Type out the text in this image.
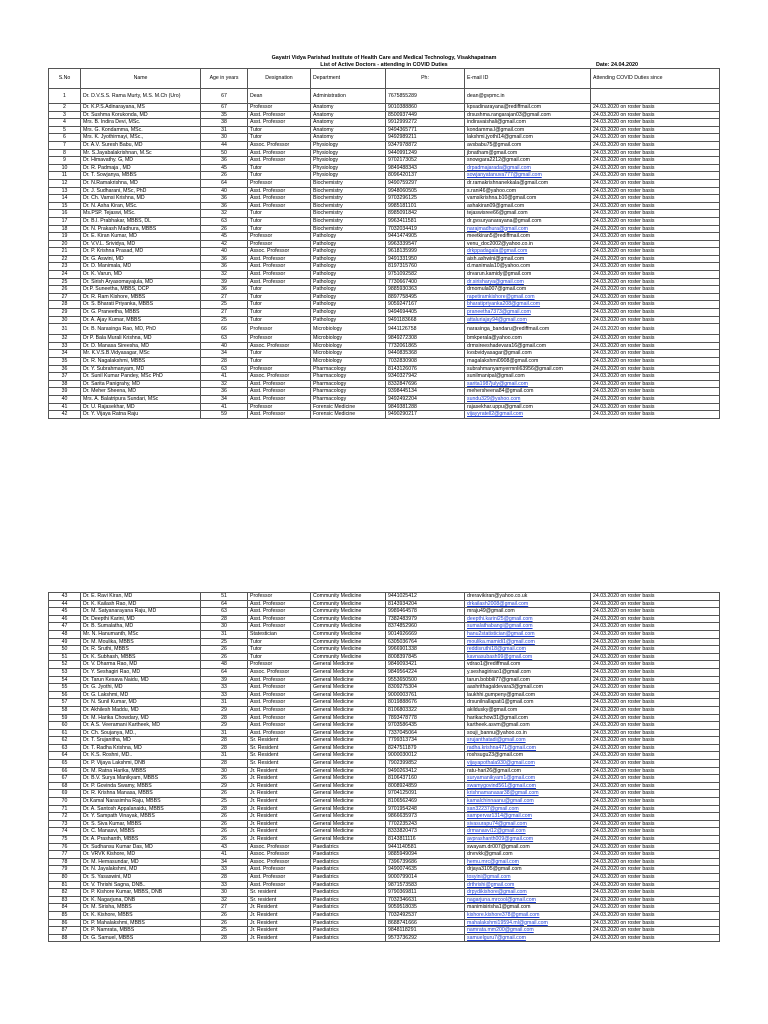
Gayatri Vidya Parishad Institute of Health Care and Medical Technology, Visakhapatnam
List of Active Doctors - attending in COVID Duties	Date: 24.04.2020
S.No	Name	Age in years	Designation	Department	Ph:	E-mail ID	Attending COVID Duties since
1	Dr. D.V.S.S. Rama Murty, M.S. M.Ch (Uro)	67	Dean	Administration	7675855289	dean@gvpmc.in	
2	Dr. K.P.S.Adinarayana, MS	67	Professor	Anatomy	9010388860	kpsadinarayana@rediffmail.com	24.03.2020 on roster basis
3	Dr. Sushma Korukonda, MD	35	Asst. Professor	Anatomy	8500937449	drsushma.rangarajan03@gmail.com	24.03.2020 on roster basis
4	Mrs. B. Indira Devi, MSc.	38	Asst. Professor	Anatomy	9912999272	indiravaishali@gmail.com	24.03.2020 on roster basis
5	Mrs. G. Kondamma, MSc.	31	Tutor	Anatomy	9494365771	kondamma.l@gmail.com	24.03.2020 on roster basis
6	Mrs. K. Jyothirmayi, MSc.,	30	Tutor	Anatomy	9492989211	lakshmi.jyothi14@gmail.com	24.03.2020 on roster basis
7	Dr. A.V. Suresh Babu, MD	44	Assoc. Professor	Physiology	9347978872	avsbabu75@gmail.com	24.03.2020 on roster basis
8	Mr. S.Jayabalakrishnan, M.Sc	50	Asst. Professor	Physiology	9440991249	jbnatham@gmail.com	24.03.2020 on roster basis
9	Dr. Himavathy. G, MD	36	Asst. Professor	Physiology	9702173052	snowgara2212@gmail.com	24.03.2020 on roster basis
10	Dr. R. Padmaja , MD	45	Tutor	Physiology	9849488343	drpadmajarada@gmail.com	24.03.2020 on roster basis
11	Dr. T. Sowjanya, MBBS	26	Tutor	Physiology	8096420137	sowjanyatanuva777@gmail.com	24.03.2020 on roster basis
12	Dr. N.Ramakrishna, MD	64	Professor	Biochemistry	9490759297	dr.ramakrishnanekkala@gmail.com	24.03.2020 on roster basis
13	Dr. J. Sudharani, MSc, PhD	40	Asst. Professor	Biochemistry	9948060505	s.rani46@yahoo.com	24.03.2020 on roster basis
14	Dr. Ch. Vamsi Krishna, MD	36	Asst. Professor	Biochemistry	9703296125	vamsikrishna.b10@gmail.com	24.03.2020 on roster basis
15	Dr. N. Asha Kiran, MSc.	36	Asst. Professor	Biochemistry	9985181101	ashakiran09@gmail.com	24.03.2020 on roster basis
16	Ms.PSP. Tejaswi, MSc.	32	Tutor	Biochemistry	8985091842	tejaswisree66@gmail.com	24.03.2020 on roster basis
17	Dr. B.I. Prabhakar, MBBS, DL	63	Tutor	Biochemistry	9963411581	dr.gvsuryanarayana@gmail.com	24.03.2020 on roster basis
18	Dr. N. Prakash Madhura, MBBS	26	Tutor	Biochemistry	7032034419	narajmadhura@gmail.com	24.03.2020 on roster basis
19	Dr. E. Kiran Kumar, MD	45	Professor	Pathology	9441474905	meetkiran5@rediffmail.com	24.03.2020 on roster basis
20	Dr. V.V.L. Srividya, MD	42	Professor	Pathology	9963339547	venu_doc2002@yahoo.co.in	24.03.2020 on roster basis
21	Dr. P. Krishna Prasad, MD	40	Assoc. Professor	Pathology	9618135999	drkppadagala@gmail.com	24.03.2020 on roster basis
22	Dr. G. Aswini, MD	36	Asst. Professor	Pathology	9491331950	aish.ashwini@gmail.com	24.03.2020 on roster basis
23	Dr. D. Manimala, MD	36	Asst. Professor	Pathology	8197315760	d.manimala10@yahoo.com	24.03.2020 on roster basis
24	Dr. K. Varun, MD	32	Asst. Professor	Pathology	9751092582	drvarun.kamidy@gmail.com	24.03.2020 on roster basis
25	Dr. Sirish Aryasomayajula, MD	39	Asst. Professor	Pathology	7730667400	dr.sirisharya@gmail.com	24.03.2020 on roster basis
26	Dr.P. Suneetha, MBBS, DCP	36	Tutor	Pathology	9885930363	drnomula007@gmail.com	24.03.2020 on roster basis
27	Dr. R. Ram Kishore, MBBS	27	Tutor	Pathology	8897758495	rapetiramkishore@gmail.com	24.03.2020 on roster basis
28	Dr. S. Bharati Priyanka, MBBS	25	Tutor	Pathology	9059247167	bharatipriyanka208@gmail.com	24.03.2020 on roster basis
29	Dr. G. Praneetha, MBBS	27	Tutor	Pathology	9494694405	praneetha7373@gmail.com	24.03.2020 on roster basis
30	Dr. A. Ajay Kumar, MBBS	25	Tutor	Pathology	9491183668	attaluriajay94@gmail.com	24.03.2020 on roster basis
31	Dr. B. Narasinga Rao, MD, PhD	66	Professor	Microbiology	9441126758	narasinga_bandaru@rediffmail.com	24.03.2020 on roster basis
32	Dr P. Bala Murali Krishna, MD	63	Professor	Microbiology	9849272308	bmkperala@yahoo.com	24.03.2020 on roster basis
33	Dr. D. Manasa Sireesha, MD	40	Assoc. Professor	Microbiology	7732061865	drmsireeshadevara16@gmail.com	24.03.2020 on roster basis
34	Mr. K.V.S.B.Vidyasagar, MSc	34	Tutor	Microbiology	9440835368	kvsbvidyasagar@gmail.com	24.03.2020 on roster basis
35	Dr. R. Nagalakshmi, MBBS	28	Tutor	Microbiology	7032830908	rnagalakshmi0908@gmail.com	24.03.2020 on roster basis
36	Dr. Y. Subrahmanyam, MD	63	Professor	Pharmacology	8143126076	subrahmanyamyermnli63956@gmail.com	24.03.2020 on roster basis
37	Dr. Sunil Kumar Pandey, MSc PhD	41	Assoc. Professor	Pharmacology	9340327942	sunilmanipal@gmail.com	24.03.2020 on roster basis
38	Dr. Sarita Panigrahy, MD	32	Asst. Professor	Pharmacology	8332847696	sarita1987july@gmail.com	24.03.2020 on roster basis
39	Dr. Meher Sheena, MD	36	Asst. Professor	Pharmacology	9398445134	mehersheena84@gmail.com	24.03.2020 on roster basis
40	Mrs. A. Balatripura Sundari, MSc	34	Asst. Professor	Pharmacology	9492492204	sundu329@yahoo.com	24.03.2020 on roster basis
41	Dr. U. Rajasekhar, MD	41	Professor	Forensic Medicine	9849381288	rajasekhar.uppu@gmail.com	24.03.2020 on roster basis
42	Dr. Y. Vijaya Ratna Raju	59	Asst. Professor	Forensic Medicine	9490290217	vijayyratell2@gmail.com	24.03.2020 on roster basis
43	Dr. E. Ravi Kiran, MD	51	Professor	Community Medicine	9441025412	dreravikiran@yahoo.co.uk	24.03.2020 on roster basis
44	Dr. K. Kailash Rao, MD	64	Asst. Professor	Community Medicine	8143934204	drkailash2008@gmail.com	24.03.2020 on roster basis
45	Dr. M. Satyanarayana Raju, MD	63	Asst. Professor	Community Medicine	9989464578	mraju49@gmail.com	24.03.2020 on roster basis
46	Dr. Deepthi Karini, MD	28	Asst. Professor	Community Medicine	7382483979	deepthi.karini25@gmail.com	24.03.2020 on roster basis
47	Dr. B. Sumalatha, MD	30	Asst. Professor	Community Medicine	8374852960	sumalathabangi@gmail.com	24.03.2020 on roster basis
48	Mr. N. Hanumanth, MSc	31	Statestician	Community Medicine	9014926669	hanu2statistician@gmail.com	24.03.2020 on roster basis
49	Dr. M. Moulika, MBBS	25	Tutor	Community Medicine	6305036764	moulika.mamidi1@gmail.com	24.03.2020 on roster basis
50	Dr. R. Sruthi, MBBS	26	Tutor	Community Medicine	9966901338	reddisruthi18@gmail.com	24.03.2020 on roster basis
51	Dr. K. Subhash, MBBS	26	Tutor	Community Medicine	8008397845	kavnasubash99@gmail.com	24.03.2020 on roster basis
52	Dr. V. Dharma Rao, MD	48	Professor	General Medicine	9849093421	vdrao1@rediffmail.com	24.03.2020 on roster basis
53	Dr. Y. Seshagiri Rao, MD	64	Assoc. Professor	General Medicine	9849564224	y.seshagirirao1@gmail.com	24.03.2020 on roster basis
54	Dr. Tarun Kesava Naidu, MD	39	Asst. Professor	General Medicine	9553650500	tarun.bobbili77@gmail.com	24.03.2020 on roster basis
55	Dr. G. Jyothi, MD	33	Asst. Professor	General Medicine	8309275304	aashrithagaldevara3@gmail.com	24.03.2020 on roster basis
56	Dr. G. Lakshmi, MD	33	Asst. Professor	General Medicine	9000003761	laukhhi.gumpeny@gmail.com	24.03.2020 on roster basis
57	Dr. N. Sunil Kumar, MD	31	Asst. Professor	General Medicine	8019888676	drsunilnallapati1@gmail.com	24.03.2020 on roster basis
58	Dr. Akhilesh Maddu, MD	29	Asst. Professor	General Medicine	8106803322	akildusky@gmail.com	24.03.2020 on roster basis
59	Dr. M. Harika Chowdary, MD	28	Asst. Professor	General Medicine	7893478778	harikachow31@gmail.com	24.03.2020 on roster basis
60	Dr. A.S. Veeramani Kartheek, MD	29	Asst. Professor	General Medicine	9703586435	kartheek.asvm@gmail.com	24.03.2020 on roster basis
61	Dr. Ch. Soujanya, MD.,	31	Asst. Professor	General Medicine	7337045064	souji_bannu@yahoo.co.in	24.03.2020 on roster basis
62	Dr. T. Srujanitha, MD	28	Sr. Resident	General Medicine	7799313734	srujanthatadi@gmail.com	24.03.2020 on roster basis
63	Dr. T. Radha Krishna, MD	28	Sr. Resident	General Medicine	8247511879	radha.krishna471@gmail.com	24.03.2020 on roster basis
64	Dr. K.S. Roshni, MD..	31	Sr. Resident	General Medicine	9000030012	roshsugu23@gmail.com	24.03.2020 on roster basis
65	Dr. P. Vijaya Lakshmi, DNB	28	Sr. Resident	General Medicine	7902399852	vijayapothala930@gmail.com	24.03.2020 on roster basis
66	Dr. M. Ratna Harika, MBBS	30	Jr. Resident	General Medicine	9490263412	ratu-hari26@gmail.com	24.03.2020 on roster basis
67	Dr. B.V. Surya Manikyam, MBBS	26	Jr. Resident	General Medicine	8106437160	suryamanikyam1@gmail.com	24.03.2020 on roster basis
68	Dr. P. Govinda Swamy, MBBS	29	Jr. Resident	General Medicine	8008924859	swamygovind561@gmail.com	24.03.2020 on roster basis
69	Dr. R. Krishna Manasa, MBBS	26	Jr. Resident	General Medicine	9704125091	krishnamanasar38@gmail.com	24.03.2020 on roster basis
70	Dr.Kamal Narasimha Raju, MBBS	25	Jr. Resident	General Medicine	8106562469	kamalchinnaanu@gmail.com	24.03.2020 on roster basis
71	Dr. A. Santosh Appalanaidu, MBBS	28	Jr. Resident	General Medicine	9701954248	san32237@gmail.com	24.03.2020 on roster basis
72	Dr. Y. Sampath Vinayak, MBBS	26	Jr. Resident	General Medicine	9866635973	sampervar1314@gmail.com	24.03.2020 on roster basis
73	Dr. S. Siva Kumar, MBBS	26	Jr. Resident	General Medicine	7702235243	sivasurapu74@gmail.com	24.03.2020 on roster basis
74	Dr. C. Manasvi, MBBS	26	Jr. Resident	General Medicine	8333820473	drmanasvi12@gmail.com	24.03.2020 on roster basis
75	Dr. A. Prashanth, MBBS	26	Jr. Resident	General Medicine	8143811116	avprashanth009@gmail.com	24.03.2020 on roster basis
76	Dr. Sudhansu Kumar Das, MD	43	Assoc. Professor	Paediatrics	9441140581	swayam.dr007@gmail.com	24.03.2020 on roster basis
77	Dr. VRVK Kishore, MD	41	Assoc. Professor	Paediatrics	9885949094	drvrvkk@gmail.com	24.03.2020 on roster basis
78	Dr. M. Hemasundar, MD	34	Assoc. Professor	Paediatrics	7396739686	hemu.mrc@gmail.com	24.03.2020 on roster basis
79	Dr. N. Jayalakshmi, MD	33	Asst. Professor	Paediatrics	9490074635	drjaya3105@gmail.com	24.03.2020 on roster basis
80	Dr. S. Yasaswini, MD	28	Asst. Professor	Paediatrics	9000799014	tosyini@gmail.com	24.03.2020 on roster basis
81	Dr. V. Thrishi Sagna, DNB..	33	Asst. Professor	Paediatrics	9871573583	drthrishi@gmail.com	24.03.2020 on roster basis
82	Dr. P. Kishore Kumar, MBBS, DNB	30	Sr. resident	Paediatrics	9790369811	drpydikishore@gmail.com	24.03.2020 on roster basis
83	Dr. K. Nagarjuna, DNB	32	Sr. resident	Paediatrics	7032346631	nagarjuna.mrcool@gmail.com	24.03.2020 on roster basis
84	Dr. M. Sirisha, MBBS	27	Jr. Resident	Paediatrics	9059518035	manimisirisha1@gmail.com	24.03.2020 on roster basis
85	Dr. K. Kishore, MBBS	26	Jr. Resident	Paediatrics	7032492537	kishore.kishore378@gmail.com	24.03.2020 on roster basis
86	Dr. P. Mahalakshmi, MBBS	26	Jr. Resident	Paediatrics	8688741666	mahalakshmi19594.ml@gmail.com	24.03.2020 on roster basis
87	Dr. P. Namrata, MBBS	25	Jr. Resident	Paediatrics	9848118291	namrata.mm200@gmail.com	24.03.2020 on roster basis
88	Dr. G. Samuel, MBBS	28	Jr. Resident	Paediatrics	9573736292	samuelguru7@gmail.com	24.03.2020 on roster basis
